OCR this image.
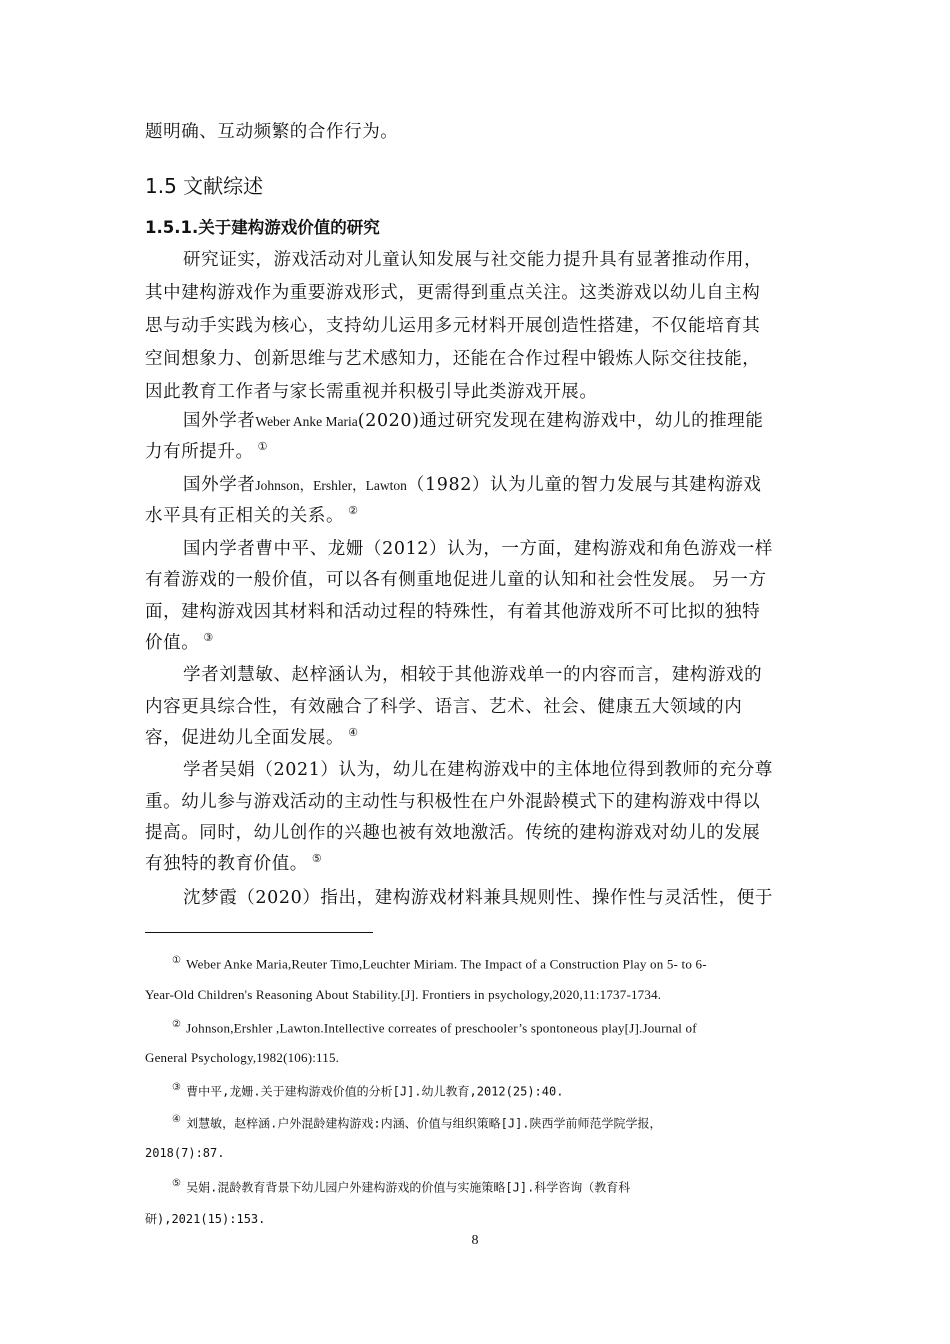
题明确、互动频繁的合作行为。
1.5 文献综述
1.5.1.关于建构游戏价值的研究
研究证实，游戏活动对儿童认知发展与社交能力提升具有显著推动作用，
其中建构游戏作为重要游戏形式，更需得到重点关注。这类游戏以幼儿自主构
思与动手实践为核心，支持幼儿运用多元材料开展创造性搭建，不仅能培育其
空间想象力、创新思维与艺术感知力，还能在合作过程中锻炼人际交往技能，
因此教育工作者与家长需重视并积极引导此类游戏开展。
国外学者Weber Anke Maria(2020)通过研究发现在建构游戏中，幼儿的推理能
力有所提升。 ①
国外学者Johnson，Ershler，Lawton（1982）认为儿童的智力发展与其建构游戏
水平具有正相关的关系。 ②
国内学者曹中平、龙姗（2012）认为，一方面，建构游戏和角色游戏一样
有着游戏的一般价值，可以各有侧重地促进儿童的认知和社会性发展。 另一方
面，建构游戏因其材料和活动过程的特殊性，有着其他游戏所不可比拟的独特
价值。 ③
学者刘慧敏、赵梓涵认为，相较于其他游戏单一的内容而言，建构游戏的
内容更具综合性，有效融合了科学、语言、艺术、社会、健康五大领域的内
容，促进幼儿全面发展。 ④
学者吴娟（2021）认为，幼儿在建构游戏中的主体地位得到教师的充分尊
重。幼儿参与游戏活动的主动性与积极性在户外混龄模式下的建构游戏中得以
提高。同时，幼儿创作的兴趣也被有效地激活。传统的建构游戏对幼儿的发展
有独特的教育价值。 ⑤
沈梦霞（2020）指出，建构游戏材料兼具规则性、操作性与灵活性，便于
① Weber Anke Maria,Reuter Timo,Leuchter Miriam. The Impact of a Construction Play on 5- to 6-
Year-Old Children's Reasoning About Stability.[J]. Frontiers in psychology,2020,11:1737-1734.
② Johnson,Ershler ,Lawton.Intellective correates of preschooler’s spontoneous play[J].Journal of
General Psychology,1982(106):115.
③ 曹中平,龙姗.关于建构游戏价值的分析[J].幼儿教育,2012(25):40.
④ 刘慧敏，赵梓涵.户外混龄建构游戏:内涵、价值与组织策略[J].陕西学前师范学院学报，
2018(7):87.
⑤ 吴娟.混龄教育背景下幼儿园户外建构游戏的价值与实施策略[J].科学咨询（教育科
研),2021(15):153.
8
